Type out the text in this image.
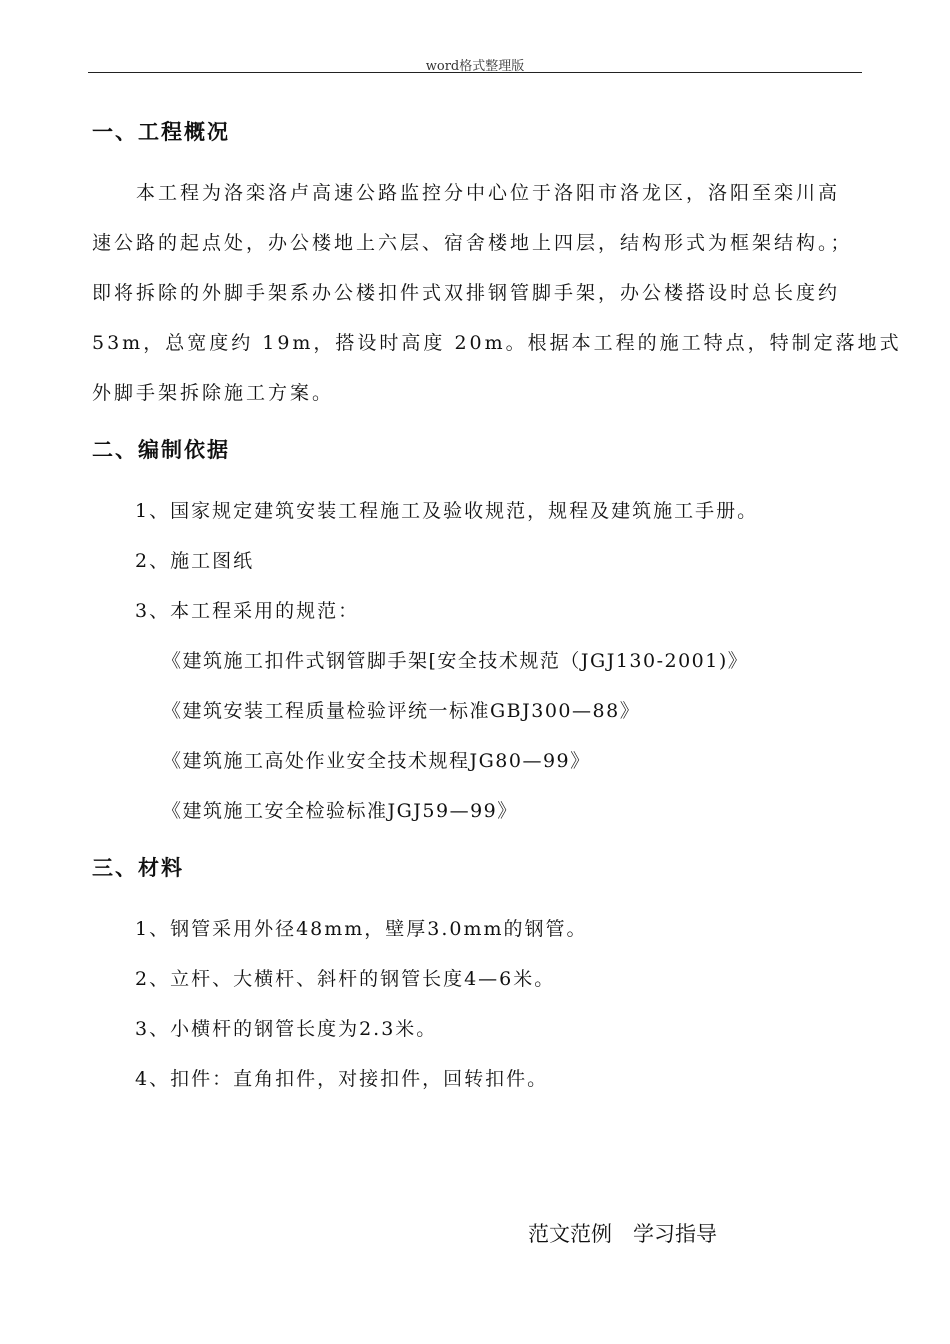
word格式整理版
一、工程概况
　　本工程为洛栾洛卢高速公路监控分中心位于洛阳市洛龙区，洛阳至栾川高
速公路的起点处，办公楼地上六层、宿舍楼地上四层，结构形式为框架结构。；
即将拆除的外脚手架系办公楼扣件式双排钢管脚手架，办公楼搭设时总长度约
53m，总宽度约 19m，搭设时高度 20m。根据本工程的施工特点，特制定落地式
外脚手架拆除施工方案。
二、编制依据
1、国家规定建筑安装工程施工及验收规范，规程及建筑施工手册。
2、施工图纸
3、本工程采用的规范：
《建筑施工扣件式钢管脚手架[安全技术规范（JGJ130-2001)》
《建筑安装工程质量检验评统一标准GBJ300—88》
《建筑施工高处作业安全技术规程JG80—99》
《建筑施工安全检验标准JGJ59—99》
三、材料
1、钢管采用外径48mm，壁厚3.0mm的钢管。
2、立杆、大横杆、斜杆的钢管长度4—6米。
3、小横杆的钢管长度为2.3米。
4、扣件：直角扣件，对接扣件，回转扣件。
范文范例　学习指导
